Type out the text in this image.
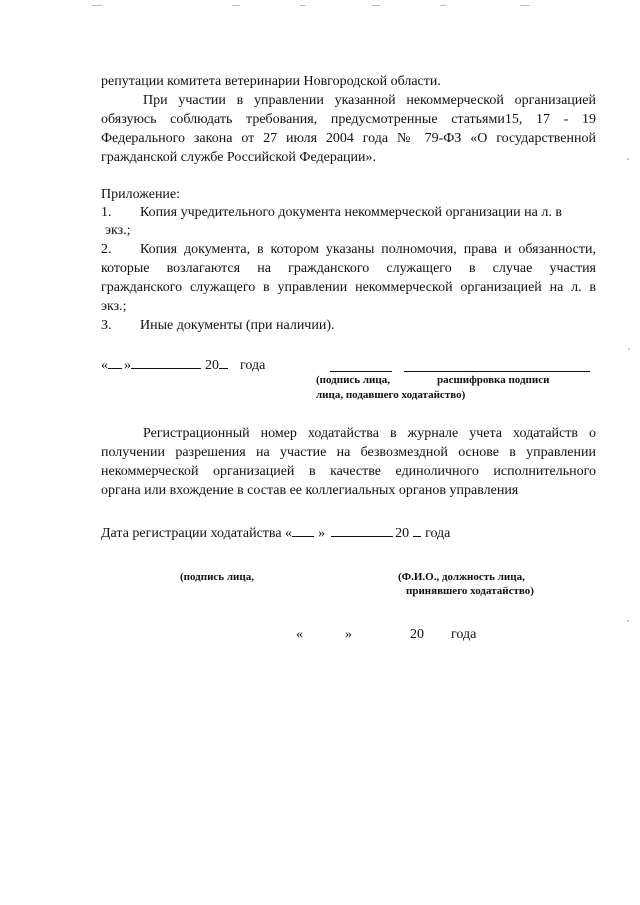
репутации комитета ветеринарии Новгородской области.
При участии в управлении указанной некоммерческой организацией
обязуюсь соблюдать требования, предусмотренные статьями15, 17 - 19
Федерального закона от 27 июля 2004 года № 79-ФЗ «О государственной
гражданской службе Российской Федерации».
Приложение:
1. Копия учредительного документа некоммерческой организации на л. в
экз.;
2. Копия документа, в котором указаны полномочия, права и обязанности,
которые возлагаются на гражданского служащего в случае участия
гражданского служащего в управлении некоммерческой организацией на л. в
экз.;
3. Иные документы (при наличии).
« »	20 года
(подпись лица,	расшифровка подписи
лица, подавшего ходатайство)
Регистрационный номер ходатайства в журнале учета ходатайств о
получении разрешения на участие на безвозмездной основе в управлении
некоммерческой организацией в качестве единоличного исполнительного
органа или вхождение в состав ее коллегиальных органов управления
Дата регистрации ходатайства « »	20 года
(подпись лица,	(Ф.И.О., должность лица,
принявшего ходатайство)
«	»	20 года
